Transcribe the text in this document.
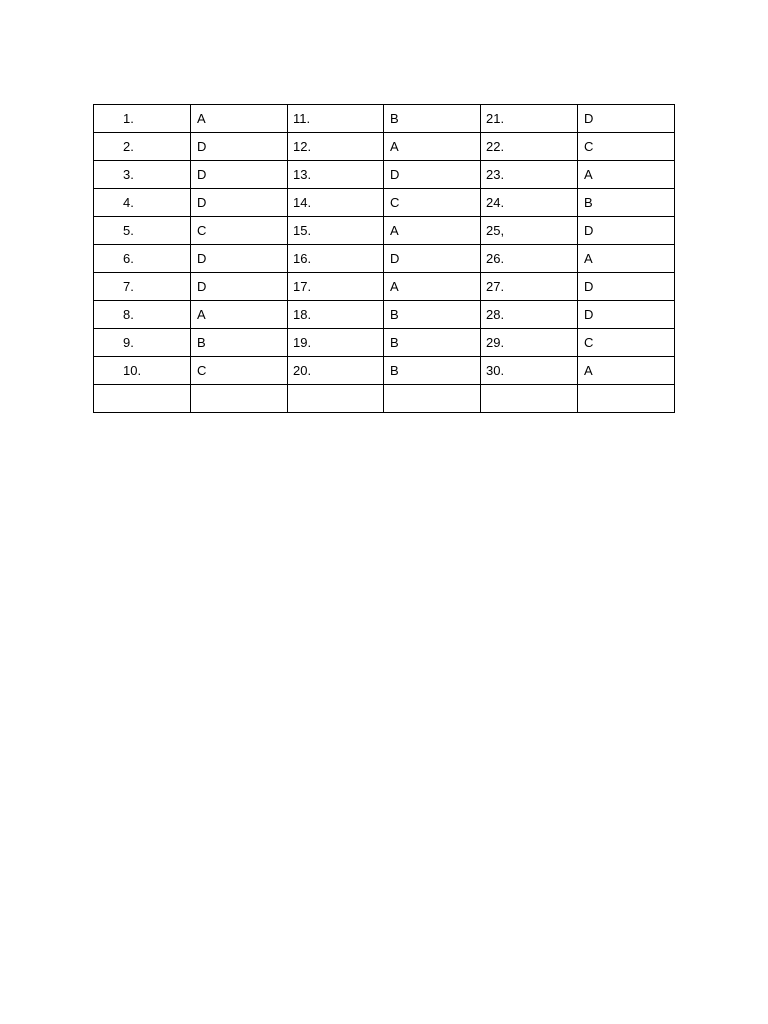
1.	A	11.	B	21.	D
2.	D	12.	A	22.	C
3.	D	13.	D	23.	A
4.	D	14.	C	24.	B
5.	C	15.	A	25,	D
6.	D	16.	D	26.	A
7.	D	17.	A	27.	D
8.	A	18.	B	28.	D
9.	B	19.	B	29.	C
10.	C	20.	B	30.	A
